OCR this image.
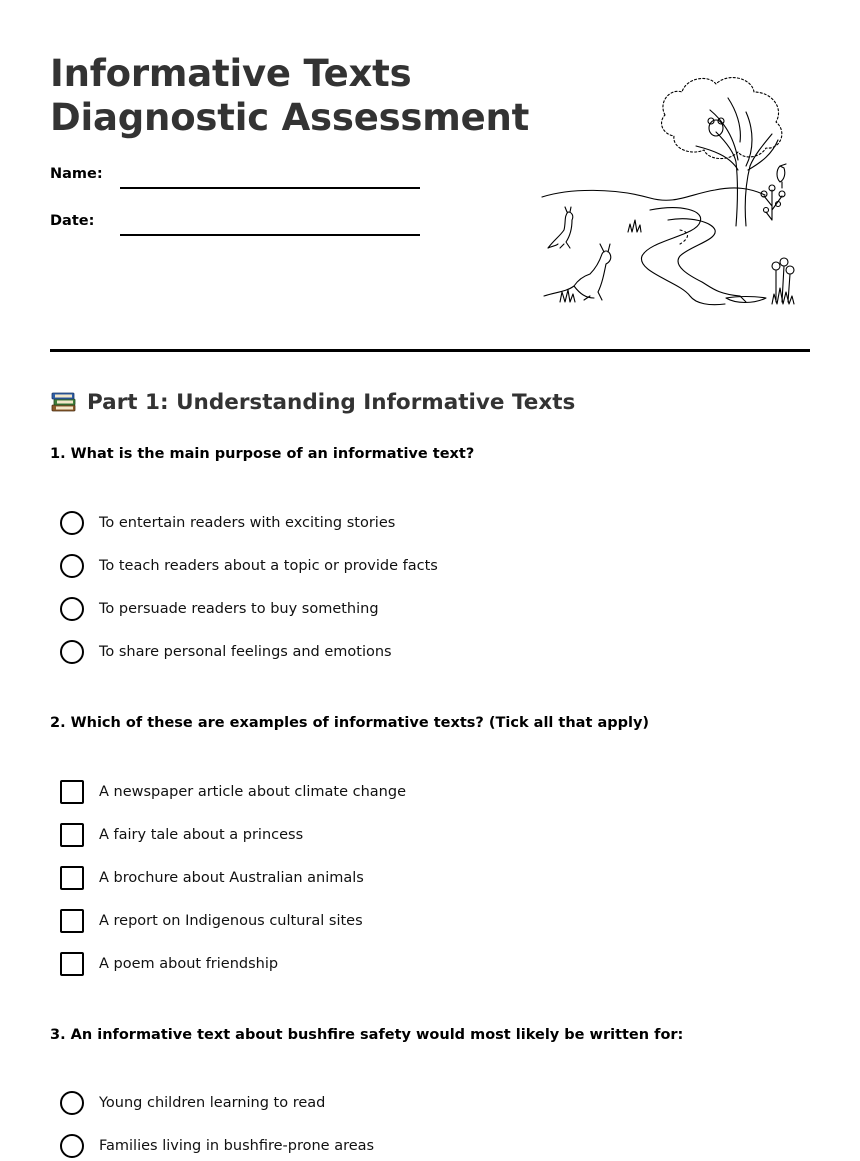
Informative Texts
Diagnostic Assessment
Name:
Date:
Part 1: Understanding Informative Texts
1. What is the main purpose of an informative text?
To entertain readers with exciting stories
To teach readers about a topic or provide facts
To persuade readers to buy something
To share personal feelings and emotions
2. Which of these are examples of informative texts? (Tick all that apply)
A newspaper article about climate change
A fairy tale about a princess
A brochure about Australian animals
A report on Indigenous cultural sites
A poem about friendship
3. An informative text about bushfire safety would most likely be written for:
Young children learning to read
Families living in bushfire-prone areas
